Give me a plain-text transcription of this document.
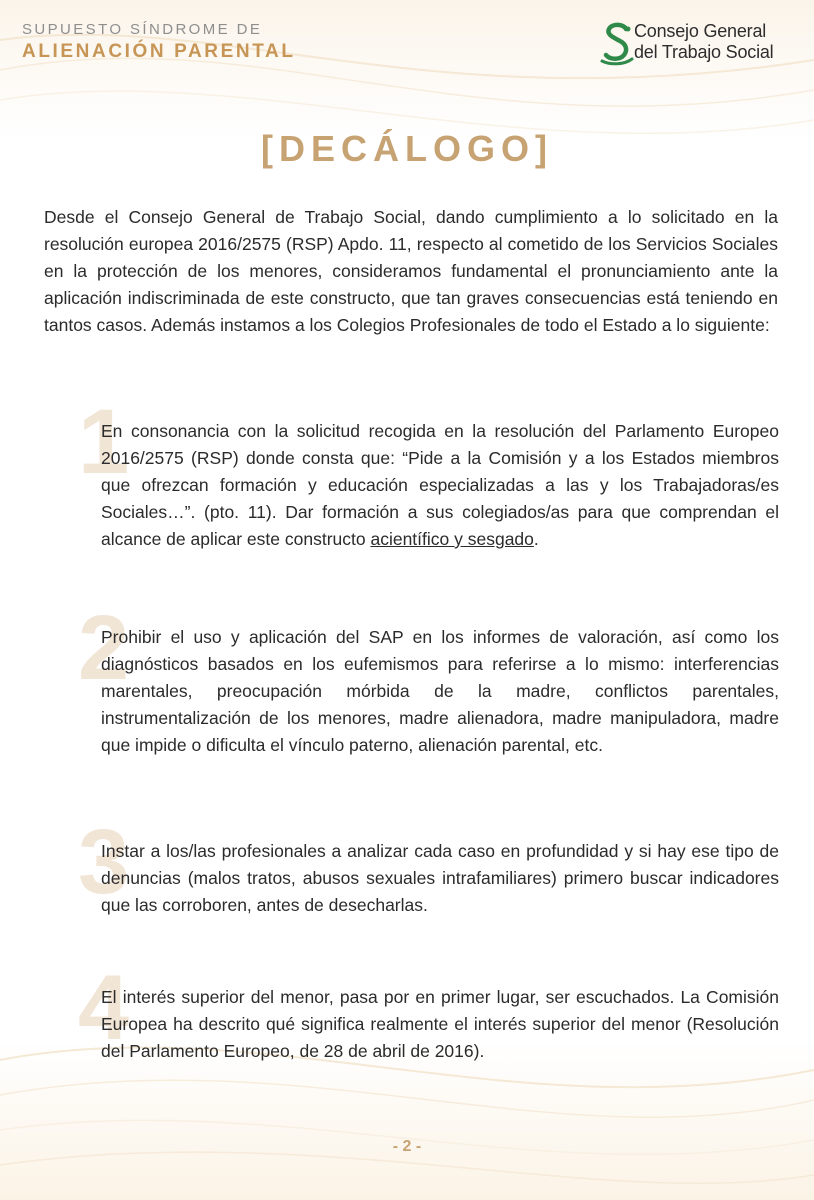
SUPUESTO SÍNDROME DE
ALIENACIÓN PARENTAL
Consejo General
del Trabajo Social
[DECÁLOGO]

Desde el Consejo General de Trabajo Social, dando cumplimiento a lo solicitado en la resolución europea 2016/2575 (RSP) Apdo. 11, respecto al cometido de los Servicios Sociales en la protección de los menores, consideramos fundamental el pronunciamiento ante la aplicación indiscriminada de este constructo, que tan graves consecuencias está teniendo en tantos casos. Además instamos a los Colegios Profesionales de todo el Estado a lo siguiente:

1
En consonancia con la solicitud recogida en la resolución del Parlamento Europeo 2016/2575 (RSP) donde consta que: “Pide a la Comisión y a los Estados miembros que ofrezcan formación y educación especializadas a las y los Trabajadoras/es Sociales…”. (pto. 11). Dar formación a sus colegiados/as para que comprendan el alcance de aplicar este constructo acientífico y sesgado.
2
Prohibir el uso y aplicación del SAP en los informes de valoración, así como los diagnósticos basados en los eufemismos para referirse a lo mismo: interferencias marentales, preocupación mórbida de la madre, conflictos parentales, instrumentalización de los menores, madre alienadora, madre manipuladora, madre que impide o dificulta el vínculo paterno, alienación parental, etc.
3
Instar a los/las profesionales a analizar cada caso en profundidad y si hay ese tipo de denuncias (malos tratos, abusos sexuales intrafamiliares) primero buscar indicadores que las corroboren, antes de desecharlas.
4
El interés superior del menor, pasa por en primer lugar, ser escuchados. La Comisión Europea ha descrito qué significa realmente el interés superior del menor (Resolución del Parlamento Europeo, de 28 de abril de 2016).
- 2 -
